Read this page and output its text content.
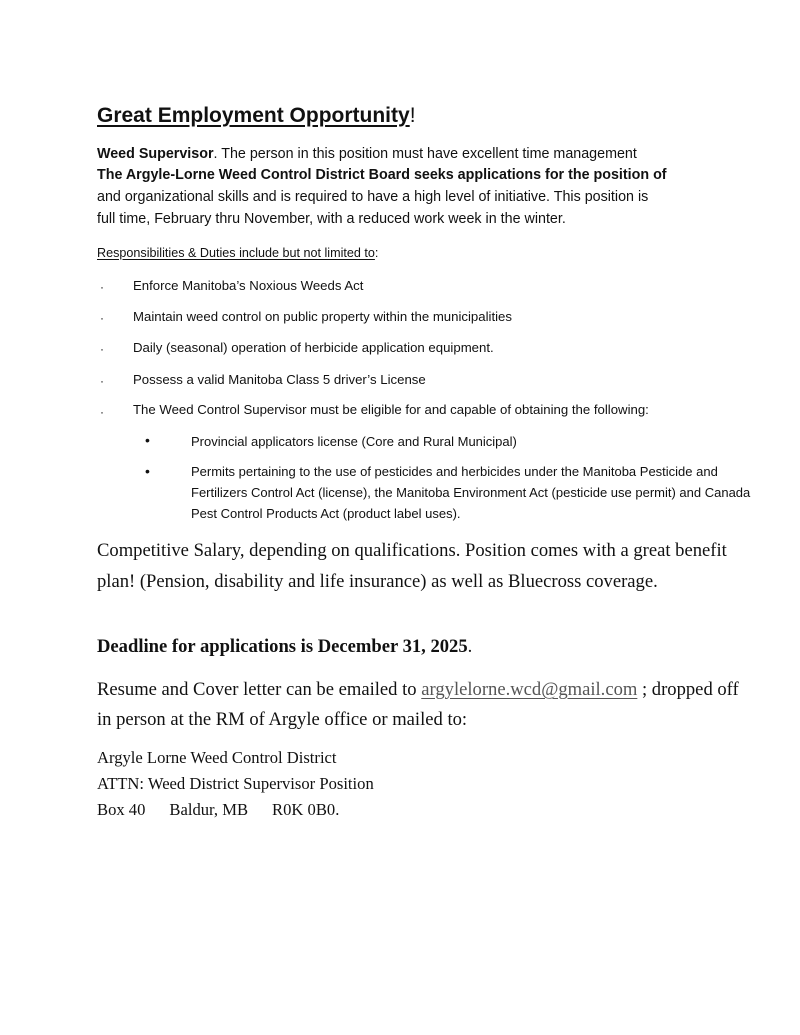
Great Employment Opportunity!
Weed Supervisor. The person in this position must have excellent time management
The Argyle-Lorne Weed Control District Board seeks applications for the position of
and organizational skills and is required to have a high level of initiative. This position is
full time, February thru November, with a reduced work week in the winter.
Responsibilities & Duties include but not limited to:
· Enforce Manitoba’s Noxious Weeds Act
· Maintain weed control on public property within the municipalities
· Daily (seasonal) operation of herbicide application equipment.
· Possess a valid Manitoba Class 5 driver’s License
· The Weed Control Supervisor must be eligible for and capable of obtaining the following:
•	Provincial applicators license (Core and Rural Municipal)
•	Permits pertaining to the use of pesticides and herbicides under the Manitoba Pesticide and Fertilizers Control Act (license), the Manitoba Environment Act (pesticide use permit) and Canada Pest Control Products Act (product label uses).
Competitive Salary, depending on qualifications. Position comes with a great benefit plan! (Pension, disability and life insurance) as well as Bluecross coverage.
Deadline for applications is December 31, 2025.
Resume and Cover letter can be emailed to argylelorne.wcd@gmail.com ; dropped off in person at the RM of Argyle office or mailed to:
Argyle Lorne Weed Control District
ATTN: Weed District Supervisor Position
Box 40 Baldur, MB R0K 0B0.
